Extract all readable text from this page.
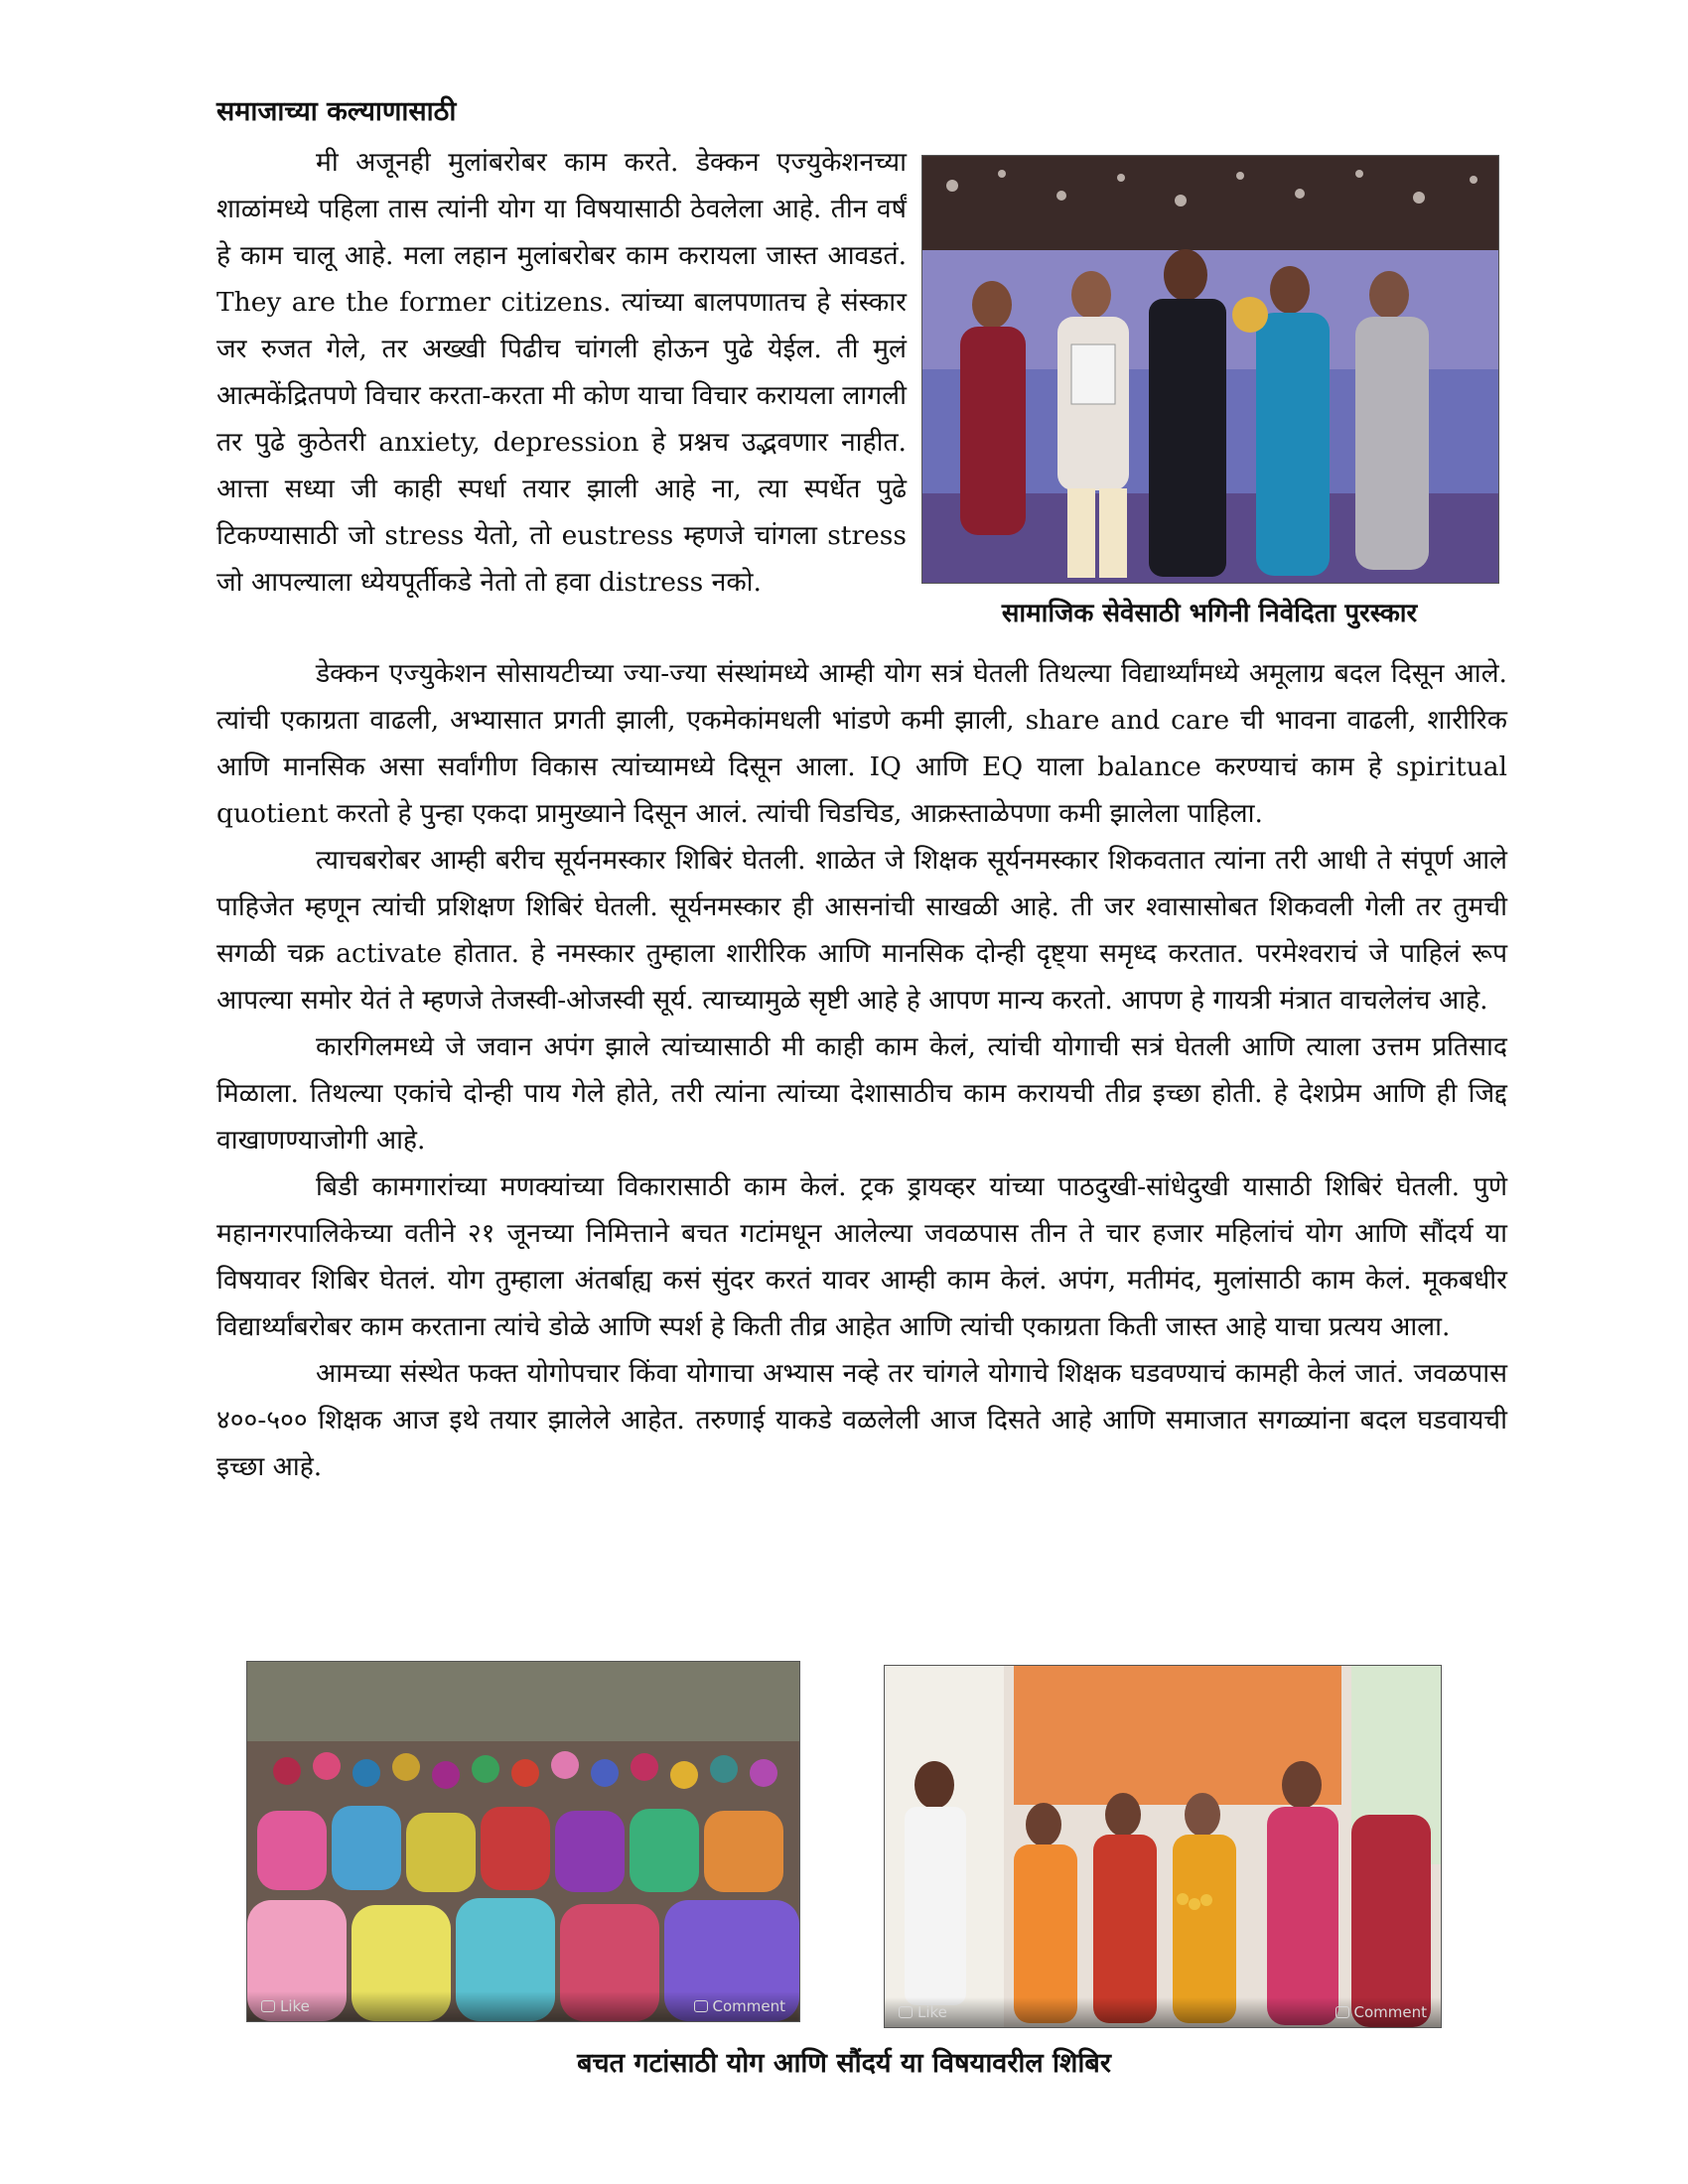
समाजाच्या कल्याणासाठी

मी अजूनही मुलांबरोबर काम करते. डेक्कन एज्युकेशनच्या शाळांमध्ये पहिला तास त्यांनी योग या विषयासाठी ठेवलेला आहे. तीन वर्षं हे काम चालू आहे. मला लहान मुलांबरोबर काम करायला जास्त आवडतं. They are the former citizens. त्यांच्या बालपणातच हे संस्कार जर रुजत गेले, तर अख्खी पिढीच चांगली होऊन पुढे येईल. ती मुलं आत्मकेंद्रितपणे विचार करता-करता मी कोण याचा विचार करायला लागली तर पुढे कुठेतरी anxiety, depression हे प्रश्नच उद्भवणार नाहीत. आत्ता सध्या जी काही स्पर्धा तयार झाली आहे ना, त्या स्पर्धेत पुढे टिकण्यासाठी जो stress येतो, तो eustress म्हणजे चांगला stress जो आपल्याला ध्येयपूर्तीकडे नेतो तो हवा distress नको.

सामाजिक सेवेसाठी भगिनी निवेदिता पुरस्कार

डेक्कन एज्युकेशन सोसायटीच्या ज्या-ज्या संस्थांमध्ये आम्ही योग सत्रं घेतली तिथल्या विद्यार्थ्यांमध्ये अमूलाग्र बदल दिसून आले. त्यांची एकाग्रता वाढली, अभ्यासात प्रगती झाली, एकमेकांमधली भांडणे कमी झाली, share and care ची भावना वाढली, शारीरिक आणि मानसिक असा सर्वांगीण विकास त्यांच्यामध्ये दिसून आला. IQ आणि EQ याला balance करण्याचं काम हे spiritual quotient करतो हे पुन्हा एकदा प्रामुख्याने दिसून आलं. त्यांची चिडचिड, आक्रस्ताळेपणा कमी झालेला पाहिला.

त्याचबरोबर आम्ही बरीच सूर्यनमस्कार शिबिरं घेतली. शाळेत जे शिक्षक सूर्यनमस्कार शिकवतात त्यांना तरी आधी ते संपूर्ण आले पाहिजेत म्हणून त्यांची प्रशिक्षण शिबिरं घेतली. सूर्यनमस्कार ही आसनांची साखळी आहे. ती जर श्वासासोबत शिकवली गेली तर तुमची सगळी चक्र activate होतात. हे नमस्कार तुम्हाला शारीरिक आणि मानसिक दोन्ही दृष्ट्या समृध्द करतात. परमेश्वराचं जे पाहिलं रूप आपल्या समोर येतं ते म्हणजे तेजस्वी-ओजस्वी सूर्य. त्याच्यामुळे सृष्टी आहे हे आपण मान्य करतो. आपण हे गायत्री मंत्रात वाचलेलंच आहे.

कारगिलमध्ये जे जवान अपंग झाले त्यांच्यासाठी मी काही काम केलं, त्यांची योगाची सत्रं घेतली आणि त्याला उत्तम प्रतिसाद मिळाला. तिथल्या एकांचे दोन्ही पाय गेले होते, तरी त्यांना त्यांच्या देशासाठीच काम करायची तीव्र इच्छा होती. हे देशप्रेम आणि ही जिद्द वाखाणण्याजोगी आहे.

बिडी कामगारांच्या मणक्यांच्या विकारासाठी काम केलं. ट्रक ड्रायव्हर यांच्या पाठदुखी-सांधेदुखी यासाठी शिबिरं घेतली. पुणे महानगरपालिकेच्या वतीने २१ जूनच्या निमित्ताने बचत गटांमधून आलेल्या जवळपास तीन ते चार हजार महिलांचं योग आणि सौंदर्य या विषयावर शिबिर घेतलं. योग तुम्हाला अंतर्बाह्य कसं सुंदर करतं यावर आम्ही काम केलं. अपंग, मतीमंद, मुलांसाठी काम केलं. मूकबधीर विद्यार्थ्यांबरोबर काम करताना त्यांचे डोळे आणि स्पर्श हे किती तीव्र आहेत आणि त्यांची एकाग्रता किती जास्त आहे याचा प्रत्यय आला.

आमच्या संस्थेत फक्त योगोपचार किंवा योगाचा अभ्यास नव्हे तर चांगले योगाचे शिक्षक घडवण्याचं कामही केलं जातं. जवळपास ४००-५०० शिक्षक आज इथे तयार झालेले आहेत. तरुणाई याकडे वळलेली आज दिसते आहे आणि समाजात सगळ्यांना बदल घडवायची इच्छा आहे.

Like	Comment	Like	Comment
बचत गटांसाठी योग आणि सौंदर्य या विषयावरील शिबिर
